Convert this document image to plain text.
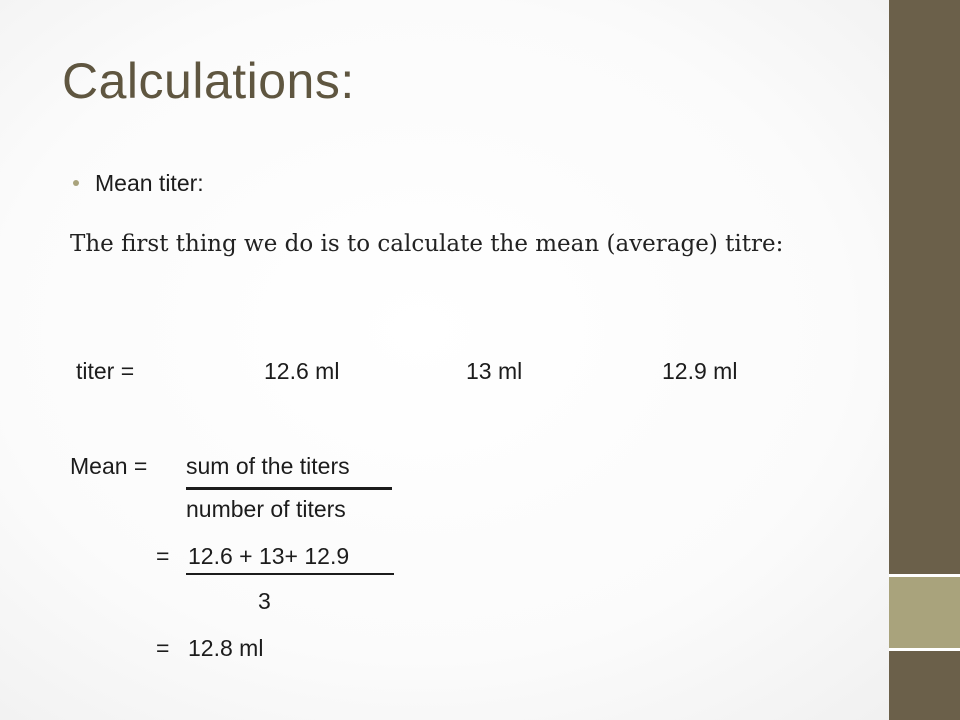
Calculations:
Mean titer:
The first thing we do is to calculate the mean (average) titre:
titer =	12.6 ml	13 ml	12.9 ml
Mean = sum of the titers
number of titers
= 12.6 + 13+ 12.9
3
= 12.8 ml
